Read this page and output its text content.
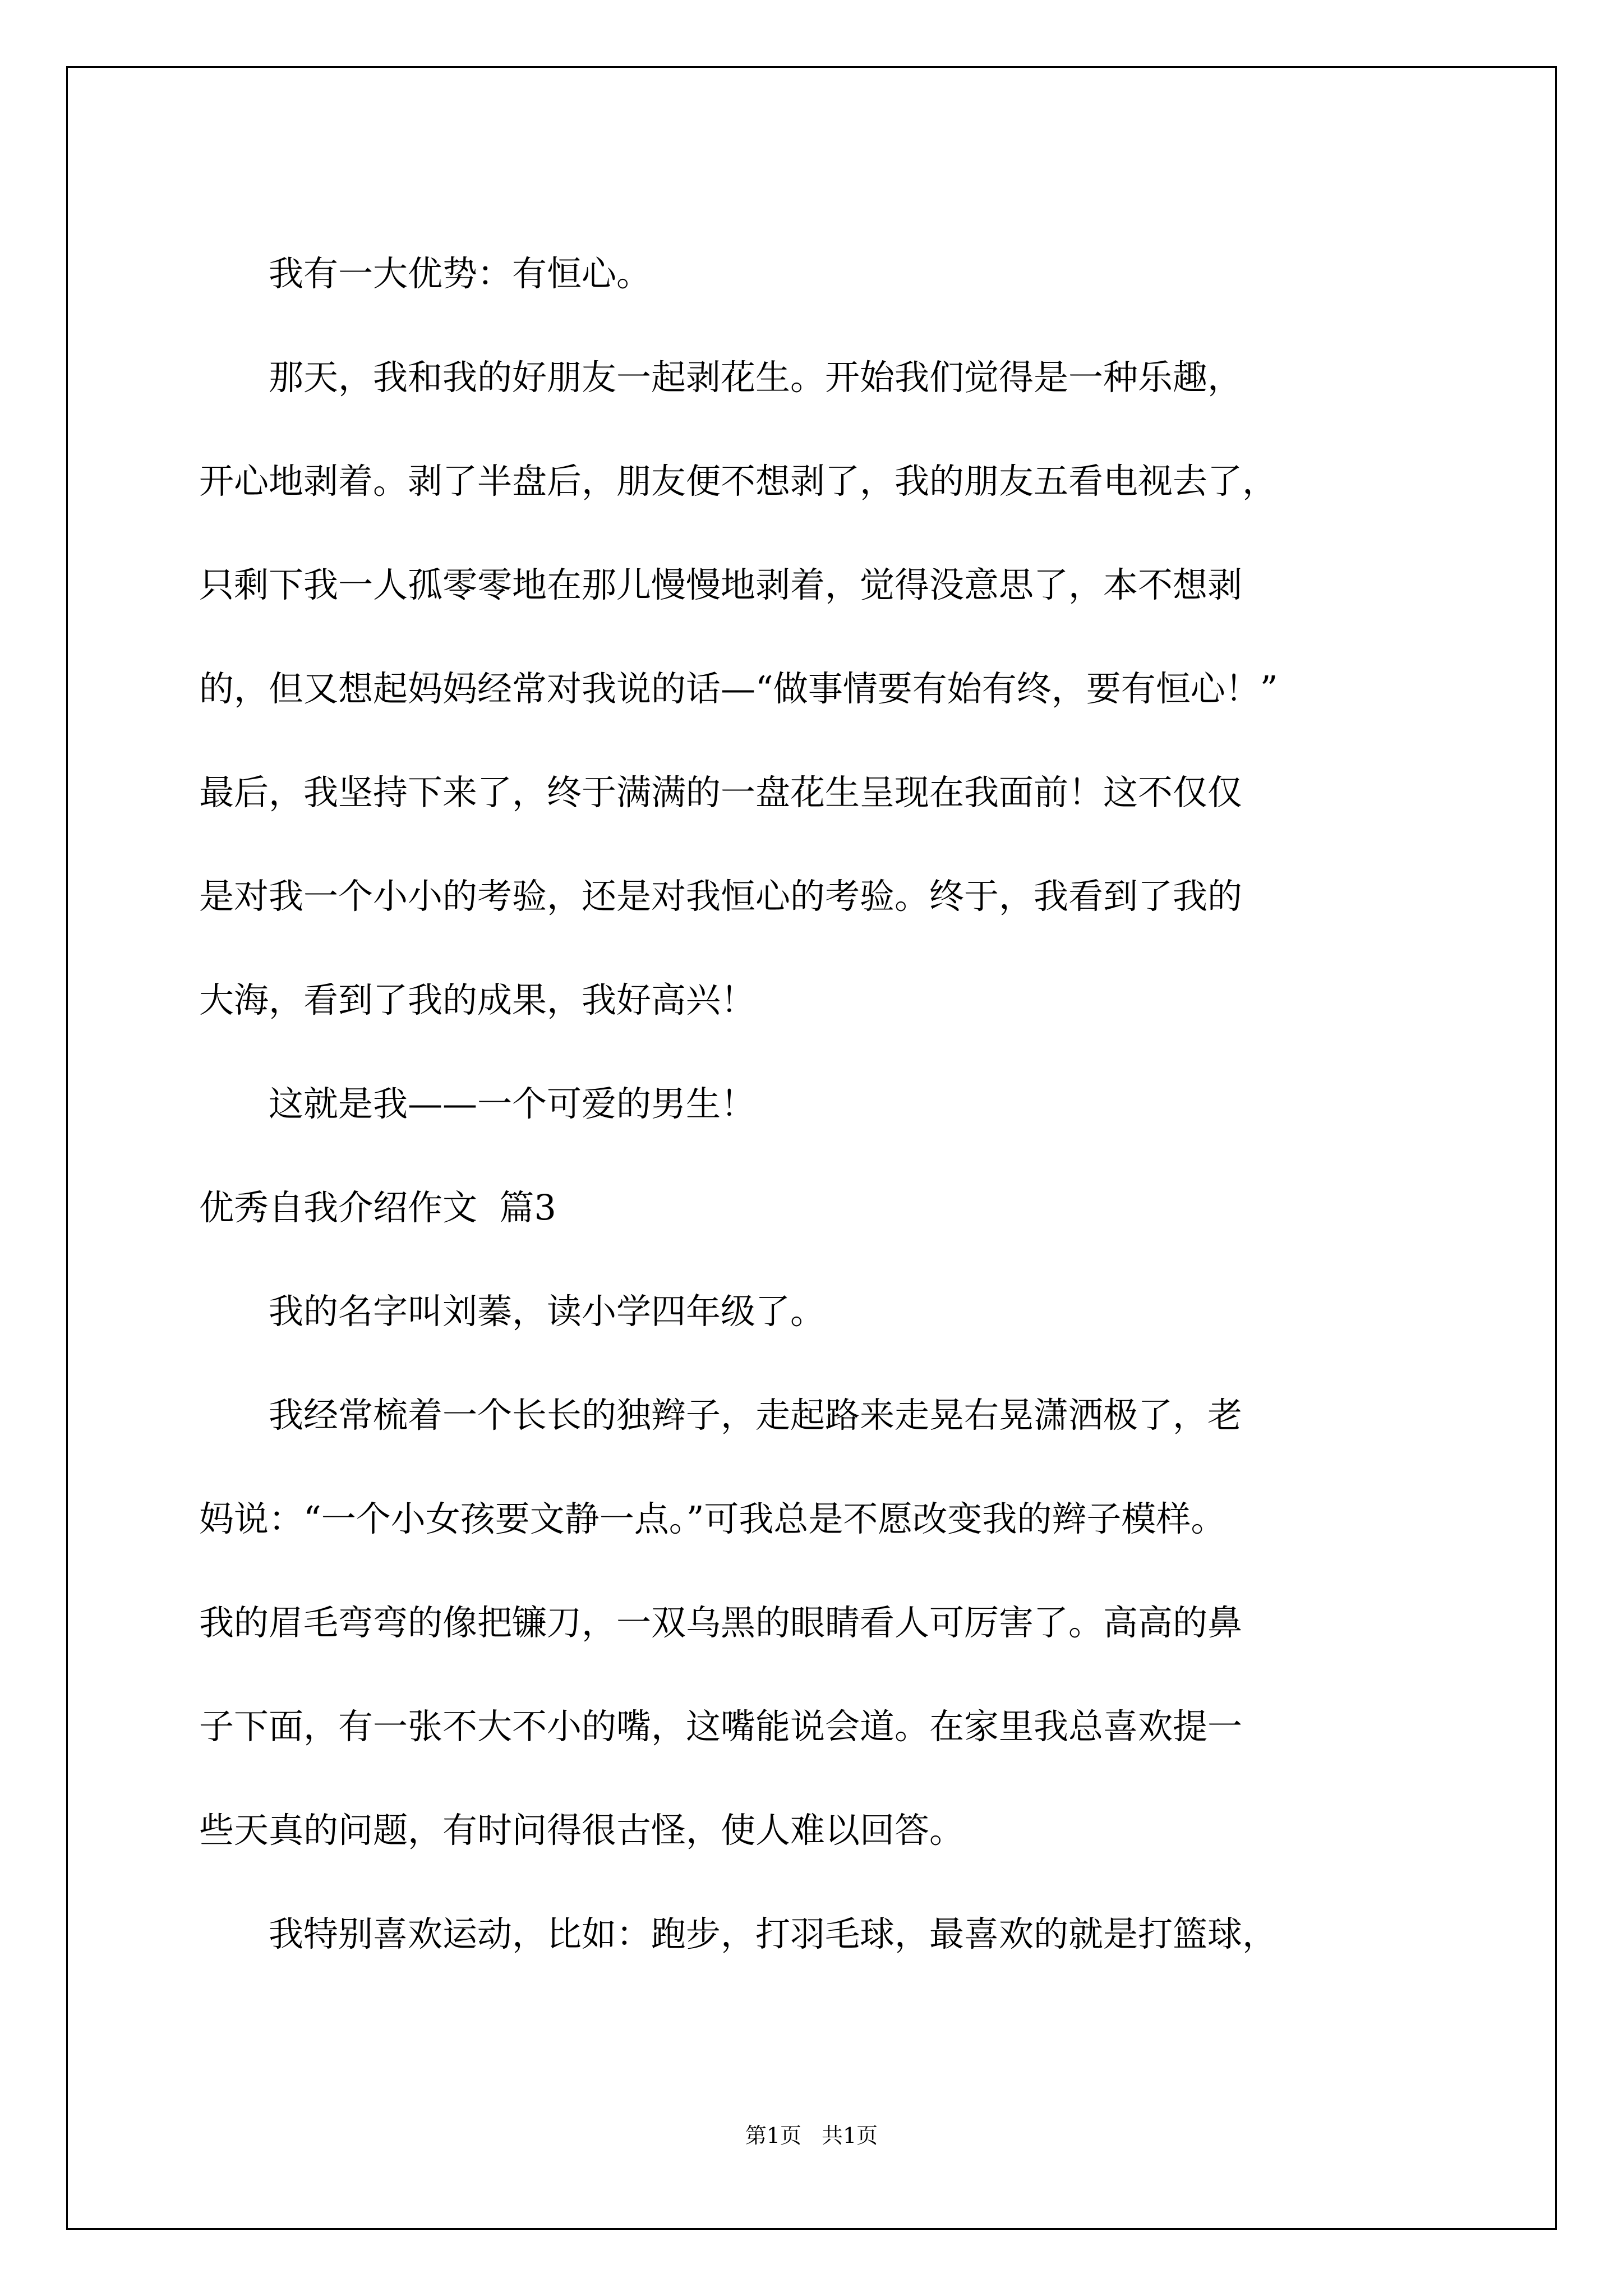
我有一大优势：有恒心。
那天，我和我的好朋友一起剥花生。开始我们觉得是一种乐趣，
开心地剥着。剥了半盘后，朋友便不想剥了，我的朋友五看电视去了，
只剩下我一人孤零零地在那儿慢慢地剥着，觉得没意思了，本不想剥
的，但又想起妈妈经常对我说的话—“做事情要有始有终，要有恒心！”
最后，我坚持下来了，终于满满的一盘花生呈现在我面前！这不仅仅
是对我一个小小的考验，还是对我恒心的考验。终于，我看到了我的
大海，看到了我的成果，我好高兴！
这就是我——一个可爱的男生！
优秀自我介绍作文  篇3
我的名字叫刘蓁，读小学四年级了。
我经常梳着一个长长的独辫子，走起路来走晃右晃潇洒极了，老
妈说：“一个小女孩要文静一点。”可我总是不愿改变我的辫子模样。
我的眉毛弯弯的像把镰刀，一双乌黑的眼睛看人可厉害了。高高的鼻
子下面，有一张不大不小的嘴，这嘴能说会道。在家里我总喜欢提一
些天真的问题，有时问得很古怪，使人难以回答。
我特别喜欢运动，比如：跑步，打羽毛球，最喜欢的就是打篮球，
第1页 共1页
